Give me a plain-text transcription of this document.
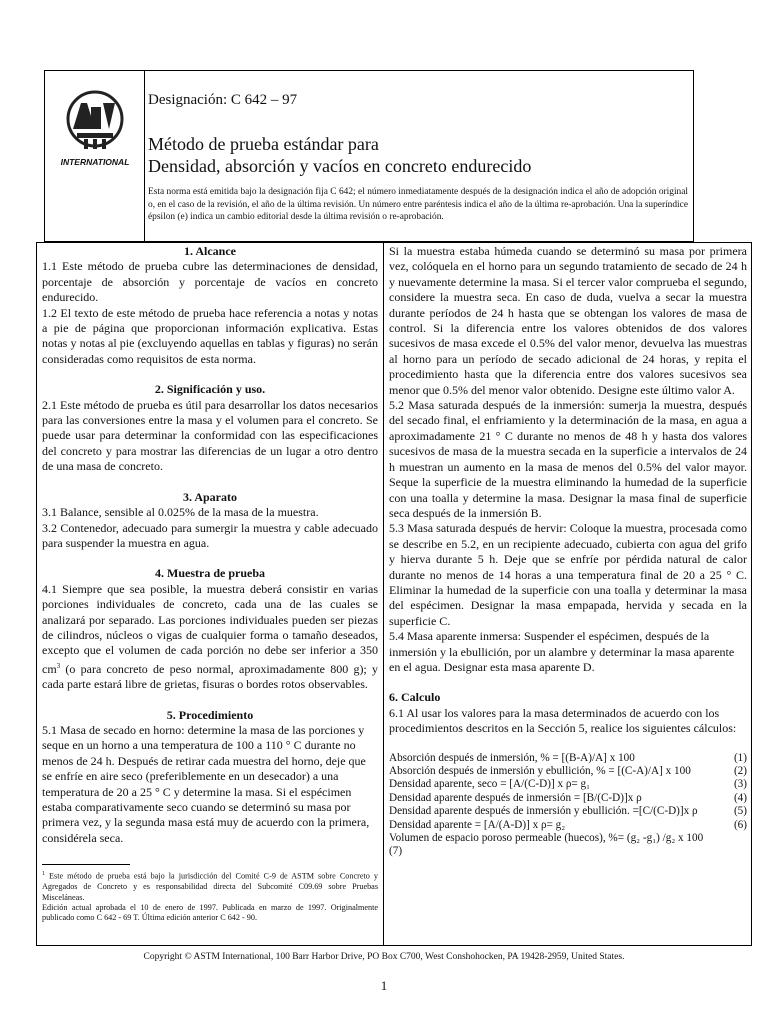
INTERNATIONAL
Designación: C 642 – 97
Método de prueba estándar para
Densidad, absorción y vacíos en concreto endurecido
Esta norma está emitida bajo la designación fija C 642; el número inmediatamente después de la designación indica el año de adopción original o, en el caso de la revisión, el año de la última revisión. Un número entre paréntesis indica el año de la última re-aprobación. Una la superíndice épsilon (e) indica un cambio editorial desde la última revisión o re-aprobación.
1. Alcance

1.1 Este método de prueba cubre las determinaciones de densidad, porcentaje de absorción y porcentaje de vacíos en concreto endurecido.

1.2 El texto de este método de prueba hace referencia a notas y notas a pie de página que proporcionan información explicativa. Estas notas y notas al pie (excluyendo aquellas en tablas y figuras) no serán consideradas como requisitos de esta norma.

2. Significación y uso.

2.1 Este método de prueba es útil para desarrollar los datos necesarios para las conversiones entre la masa y el volumen para el concreto. Se puede usar para determinar la conformidad con las especificaciones del concreto y para mostrar las diferencias de un lugar a otro dentro de una masa de concreto.

3. Aparato

3.1 Balance, sensible al 0.025% de la masa de la muestra.

3.2 Contenedor, adecuado para sumergir la muestra y cable adecuado para suspender la muestra en agua.

4. Muestra de prueba

4.1 Siempre que sea posible, la muestra deberá consistir en varias porciones individuales de concreto, cada una de las cuales se analizará por separado. Las porciones individuales pueden ser piezas de cilindros, núcleos o vigas de cualquier forma o tamaño deseados, excepto que el volumen de cada porción no debe ser inferior a 350 $cm^3$ (o para concreto de peso normal, aproximadamente 800 g); y cada parte estará libre de grietas, fisuras o bordes rotos observables.

5. Procedimiento

5.1 Masa de secado en horno: determine la masa de las porciones y seque en un horno a una temperatura de 100 a 110 ° C durante no menos de 24 h. Después de retirar cada muestra del horno, deje que se enfríe en aire seco (preferiblemente en un desecador) a una temperatura de 20 a 25 ° C y determine la masa. Si el espécimen estaba comparativamente seco cuando se determinó su masa por primera vez, y la segunda masa está muy de acuerdo con la primera, considérela seca.

$^1$ Este método de prueba está bajo la jurisdicción del Comité C-9 de ASTM sobre Concreto y Agregados de Concreto y es responsabilidad directa del Subcomité C09.69 sobre Pruebas Misceláneas.
Edición actual aprobada el 10 de enero de 1997. Publicada en marzo de 1997. Originalmente publicado como C 642 - 69 T. Última edición anterior C 642 - 90.

Si la muestra estaba húmeda cuando se determinó su masa por primera vez, colóquela en el horno para un segundo tratamiento de secado de 24 h y nuevamente determine la masa. Si el tercer valor comprueba el segundo, considere la muestra seca. En caso de duda, vuelva a secar la muestra durante períodos de 24 h hasta que se obtengan los valores de masa de control. Si la diferencia entre los valores obtenidos de dos valores sucesivos de masa excede el 0.5% del valor menor, devuelva las muestras al horno para un período de secado adicional de 24 horas, y repita el procedimiento hasta que la diferencia entre dos valores sucesivos sea menor que 0.5% del menor valor obtenido. Designe este último valor A.

5.2 Masa saturada después de la inmersión: sumerja la muestra, después del secado final, el enfriamiento y la determinación de la masa, en agua a aproximadamente 21 ° C durante no menos de 48 h y hasta dos valores sucesivos de masa de la muestra secada en la superficie a intervalos de 24 h muestran un aumento en la masa de menos del 0.5% del valor mayor. Seque la superficie de la muestra eliminando la humedad de la superficie con una toalla y determine la masa. Designar la masa final de superficie seca después de la inmersión B.

5.3 Masa saturada después de hervir: Coloque la muestra, procesada como se describe en 5.2, en un recipiente adecuado, cubierta con agua del grifo y hierva durante 5 h. Deje que se enfríe por pérdida natural de calor durante no menos de 14 horas a una temperatura final de 20 a 25 ° C. Eliminar la humedad de la superficie con una toalla y determinar la masa del espécimen. Designar la masa empapada, hervida y secada en la superficie C.

5.4 Masa aparente inmersa: Suspender el espécimen, después de la inmersión y la ebullición, por un alambre y determinar la masa aparente en el agua. Designar esta masa aparente D.

6. Calculo

6.1 Al usar los valores para la masa determinados de acuerdo con los procedimientos descritos en la Sección 5, realice los siguientes cálculos:

Absorción después de inmersión, % = [(B-A)/A] x 100	(1)
Absorción después de inmersión y ebullición, % = [(C-A)/A] x 100	(2)
Densidad aparente, seco = [A/(C-D)] x ρ= g₁	(3)
Densidad aparente después de inmersión = [B/(C-D)]x ρ	(4)
Densidad aparente después de inmersión y ebullición. =[C/(C-D)]x ρ	(5)
Densidad aparente = [A/(A-D)] x ρ= g₂	(6)
Volumen de espacio poroso permeable (huecos), %= (g₂ -g₁) /g₂ x 100
(7)
Copyright © ASTM International, 100 Barr Harbor Drive, PO Box C700, West Conshohocken, PA 19428-2959, United States.
1
